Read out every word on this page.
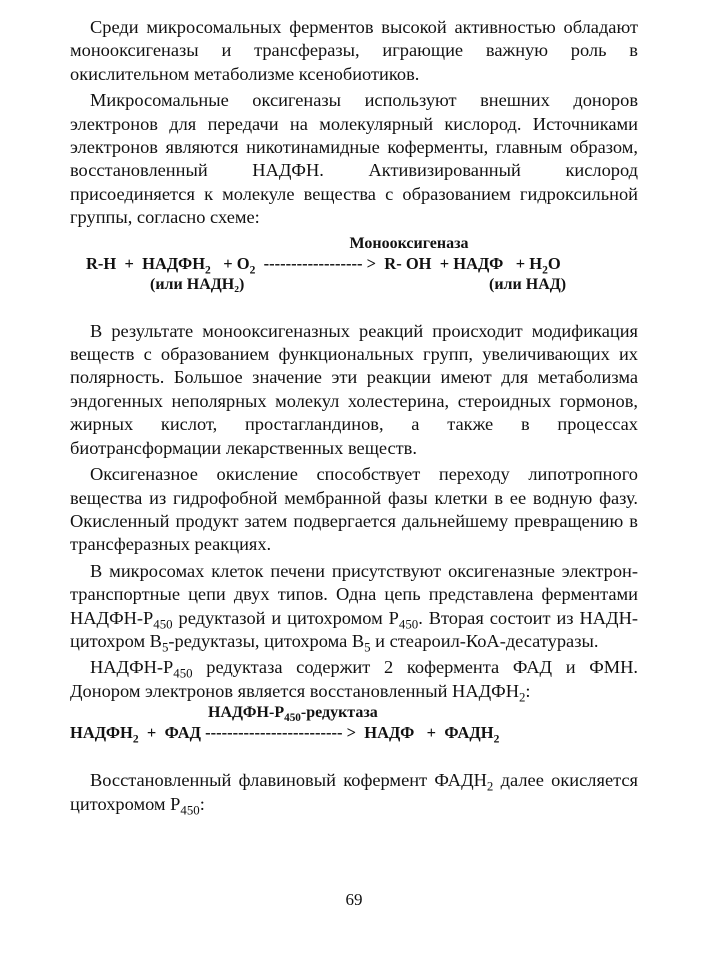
Среди микросомальных ферментов высокой активностью обладают монооксигеназы и трансферазы, играющие важную роль в окислительном метаболизме ксенобиотиков.

Микросомальные оксигеназы используют внешних доноров электронов для передачи на молекулярный кислород. Источниками электронов являются никотинамидные коферменты, главным образом, восстановленный НАДФН. Активизированный кислород присоединяется к молекуле вещества с образованием гидроксильной группы, согласно схеме:

Монооксигеназа
$R-H + НАДФН_2 + О_2$  ------------------ >  R- OH  + НАДФ   + $Н_2О$
(или НАДН₂)	(или НАД)

В результате монооксигеназных реакций происходит модификация веществ с образованием функциональных групп, увеличивающих их полярность. Большое значение эти реакции имеют для метаболизма эндогенных неполярных молекул холестерина, стероидных гормонов, жирных кислот, простагландинов, а также в процессах биотрансформации лекарственных веществ.

Оксигеназное окисление способствует переходу липотропного вещества из гидрофобной мембранной фазы клетки в ее водную фазу. Окисленный продукт затем подвергается дальнейшему превращению в трансферазных реакциях.

В микросомах клеток печени присутствуют оксигеназные электрон-транспортные цепи двух типов. Одна цепь представлена ферментами НАДФН-$Р_{450}$ редуктазой и цитохромом $Р_{450}$. Вторая состоит из НАДН-цитохром $В_5$-редуктазы, цитохрома $В_5$ и стеароил-КоА-десатуразы.

НАДФН-$Р_{450}$ редуктаза содержит 2 кофермента ФАД и ФМН. Донором электронов является восстановленный $НАДФН_2$:

НАДФН-$Р_{450}$-редуктаза
$НАДФН_2$  +  ФАД ------------------------- >  НАДФ   +  $ФАДН_2$

Восстановленный флавиновый кофермент $ФАДН_2$ далее окисляется цитохромом $Р_{450}$:

69
